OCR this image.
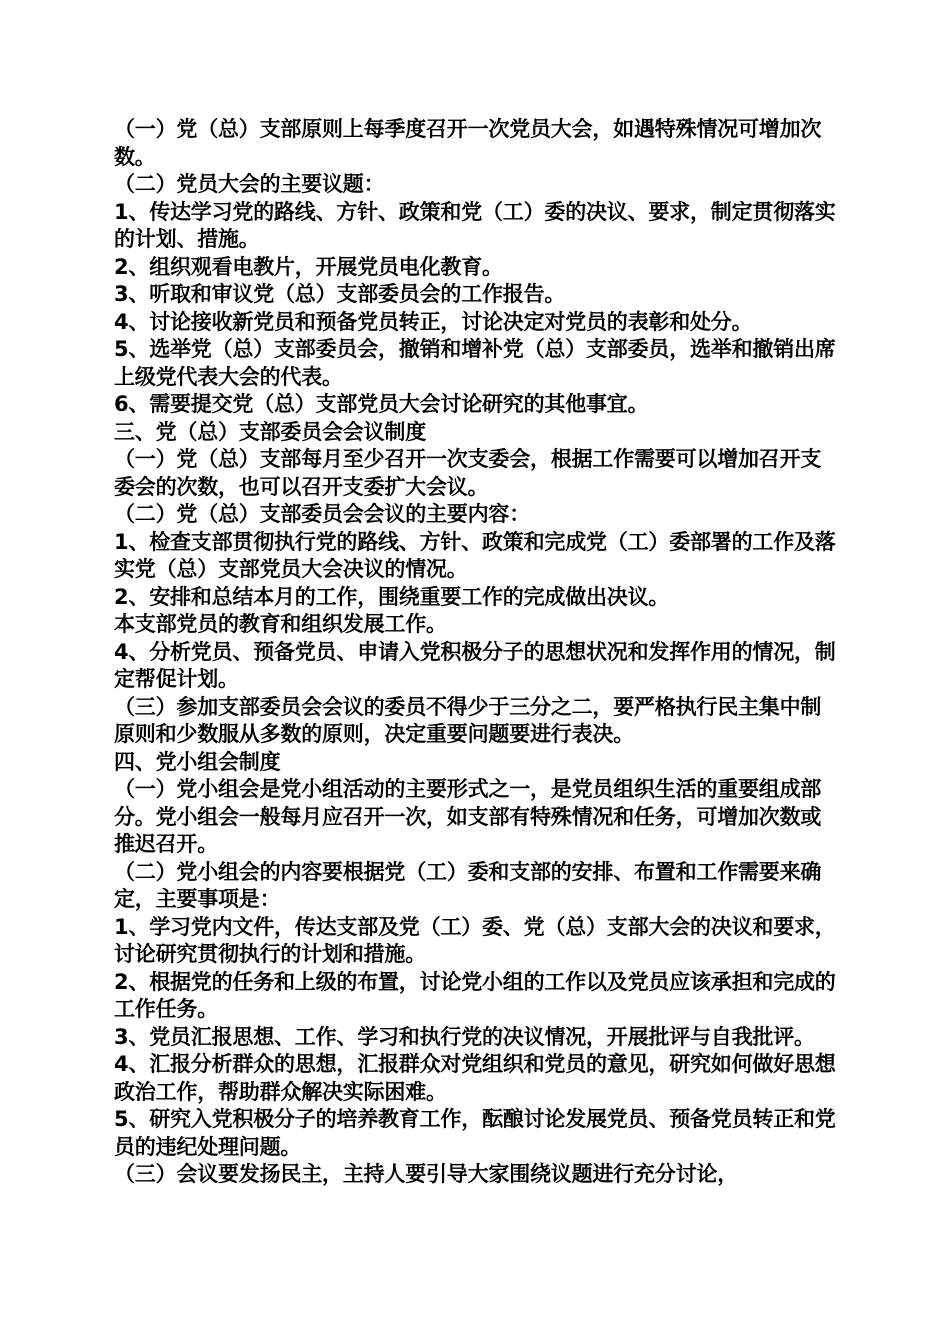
（一）党（总）支部原则上每季度召开一次党员大会，如遇特殊情况可增加次数。

（二）党员大会的主要议题：

1、传达学习党的路线、方针、政策和党（工）委的决议、要求，制定贯彻落实的计划、措施。

2、组织观看电教片，开展党员电化教育。

3、听取和审议党（总）支部委员会的工作报告。

4、讨论接收新党员和预备党员转正，讨论决定对党员的表彰和处分。

5、选举党（总）支部委员会，撤销和增补党（总）支部委员，选举和撤销出席上级党代表大会的代表。

6、需要提交党（总）支部党员大会讨论研究的其他事宜。

三、党（总）支部委员会会议制度

（一）党（总）支部每月至少召开一次支委会，根据工作需要可以增加召开支委会的次数，也可以召开支委扩大会议。

（二）党（总）支部委员会会议的主要内容：

1、检查支部贯彻执行党的路线、方针、政策和完成党（工）委部署的工作及落实党（总）支部党员大会决议的情况。

2、安排和总结本月的工作，围绕重要工作的完成做出决议。

本支部党员的教育和组织发展工作。

4、分析党员、预备党员、申请入党积极分子的思想状况和发挥作用的情况，制定帮促计划。

（三）参加支部委员会会议的委员不得少于三分之二，要严格执行民主集中制原则和少数服从多数的原则，决定重要问题要进行表决。

四、党小组会制度

（一）党小组会是党小组活动的主要形式之一，是党员组织生活的重要组成部分。党小组会一般每月应召开一次，如支部有特殊情况和任务，可增加次数或推迟召开。

（二）党小组会的内容要根据党（工）委和支部的安排、布置和工作需要来确定，主要事项是：

1、学习党内文件，传达支部及党（工）委、党（总）支部大会的决议和要求，讨论研究贯彻执行的计划和措施。

2、根据党的任务和上级的布置，讨论党小组的工作以及党员应该承担和完成的工作任务。

3、党员汇报思想、工作、学习和执行党的决议情况，开展批评与自我批评。

4、汇报分析群众的思想，汇报群众对党组织和党员的意见，研究如何做好思想政治工作，帮助群众解决实际困难。

5、研究入党积极分子的培养教育工作，酝酿讨论发展党员、预备党员转正和党员的违纪处理问题。

（三）会议要发扬民主，主持人要引导大家围绕议题进行充分讨论，
